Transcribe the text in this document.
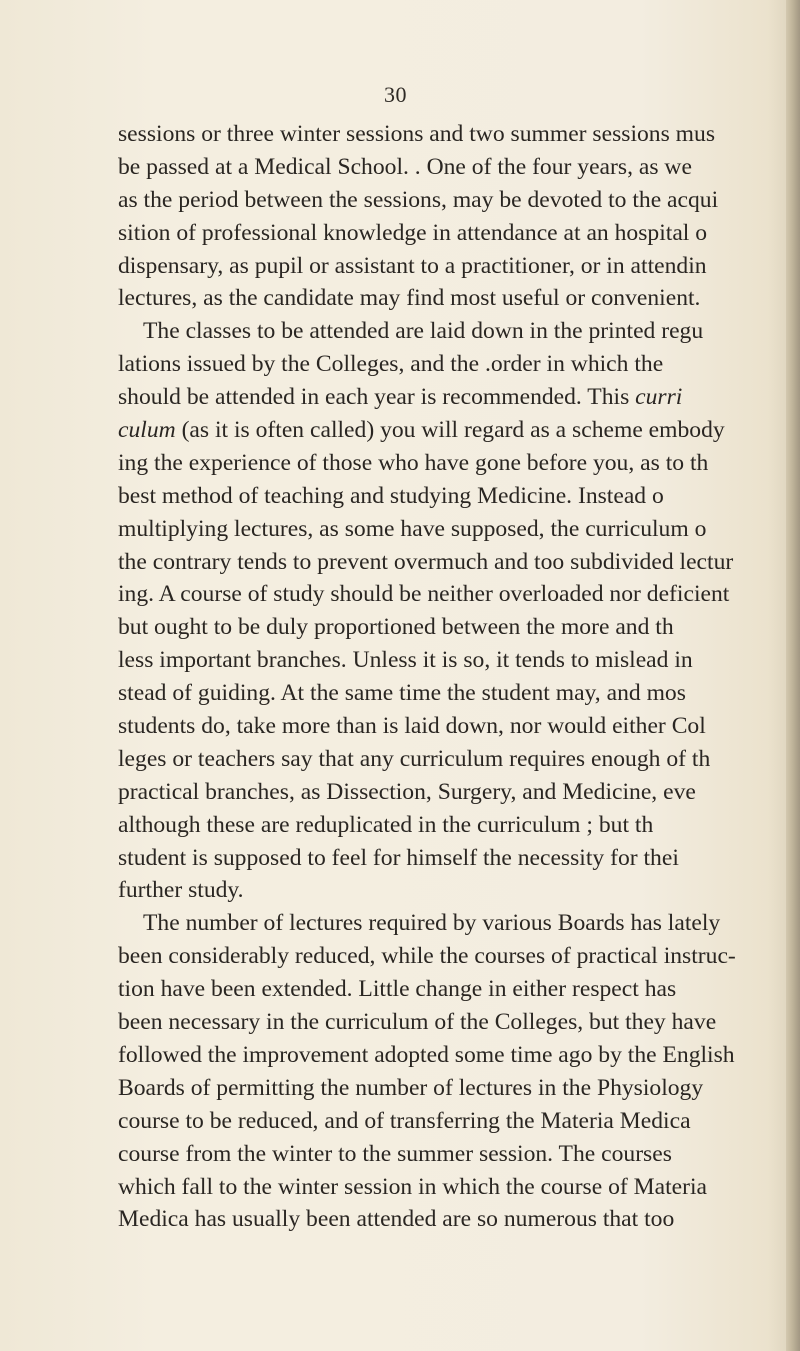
30
sessions or three winter sessions and two summer sessions mus
be passed at a Medical School. . One of the four years, as we
as the period between the sessions, may be devoted to the acqui
sition of professional knowledge in attendance at an hospital o
dispensary, as pupil or assistant to a practitioner, or in attendin
lectures, as the candidate may find most useful or convenient.
The classes to be attended are laid down in the printed regu
lations issued by the Colleges, and the .order in which the
should be attended in each year is recommended. This curri
culum (as it is often called) you will regard as a scheme embody
ing the experience of those who have gone before you, as to th
best method of teaching and studying Medicine. Instead o
multiplying lectures, as some have supposed, the curriculum o
the contrary tends to prevent overmuch and too subdivided lectur
ing. A course of study should be neither overloaded nor deficient
but ought to be duly proportioned between the more and th
less important branches. Unless it is so, it tends to mislead in
stead of guiding. At the same time the student may, and mos
students do, take more than is laid down, nor would either Col
leges or teachers say that any curriculum requires enough of th
practical branches, as Dissection, Surgery, and Medicine, eve
although these are reduplicated in the curriculum ; but th
student is supposed to feel for himself the necessity for thei
further study.
The number of lectures required by various Boards has lately
been considerably reduced, while the courses of practical instruc-
tion have been extended. Little change in either respect has
been necessary in the curriculum of the Colleges, but they have
followed the improvement adopted some time ago by the English
Boards of permitting the number of lectures in the Physiology
course to be reduced, and of transferring the Materia Medica
course from the winter to the summer session. The courses
which fall to the winter session in which the course of Materia
Medica has usually been attended are so numerous that too
